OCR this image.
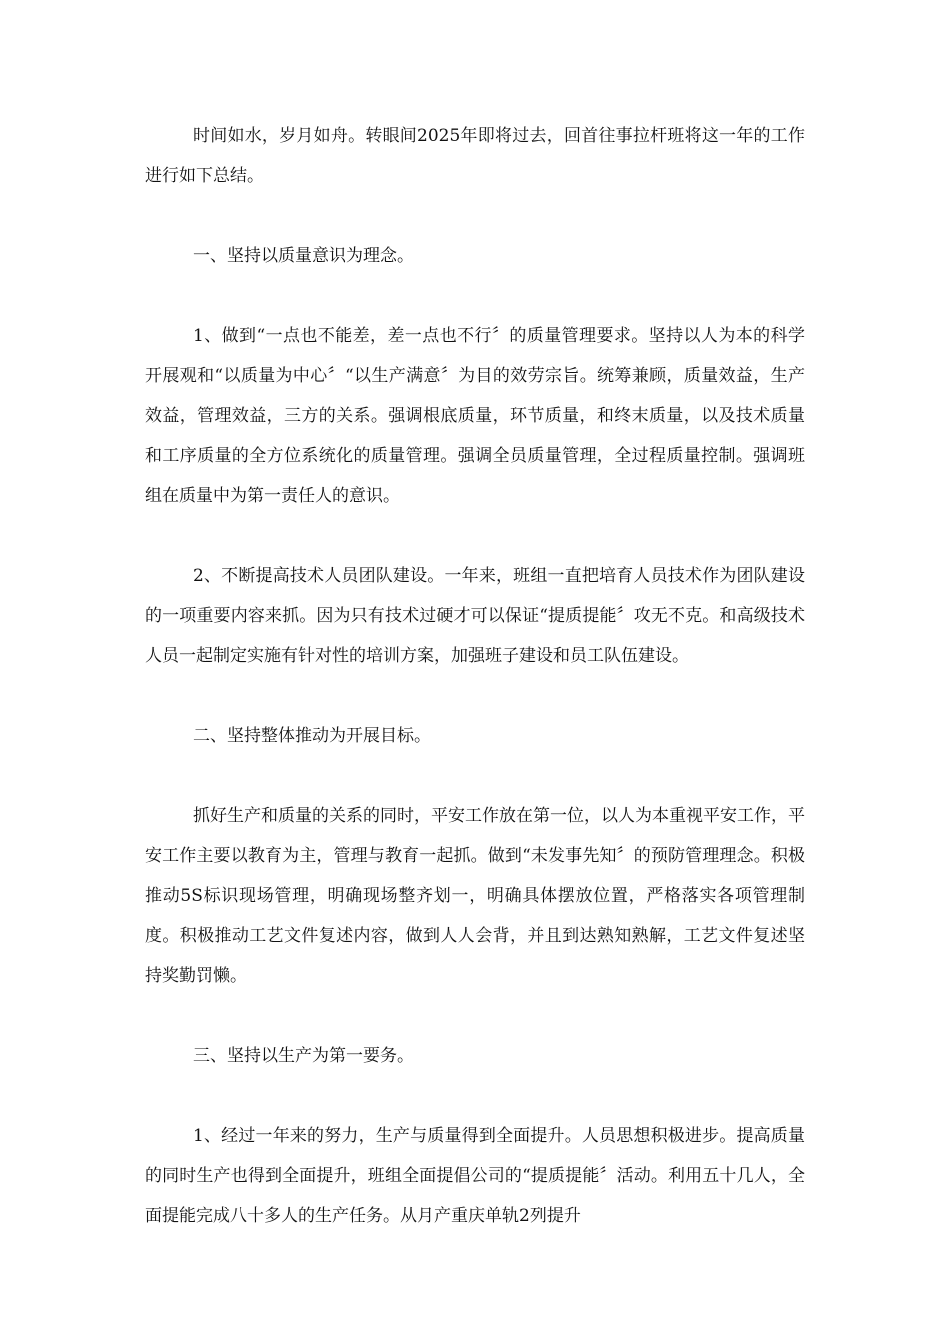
时间如水，岁月如舟。转眼间2025年即将过去，回首往事拉杆班将这一年的工作进行如下总结。

一、坚持以质量意识为理念。

1、做到“一点也不能差，差一点也不行〞的质量管理要求。坚持以人为本的科学开展观和“以质量为中心〞“以生产满意〞为目的效劳宗旨。统筹兼顾，质量效益，生产效益，管理效益，三方的关系。强调根底质量，环节质量，和终末质量，以及技术质量和工序质量的全方位系统化的质量管理。强调全员质量管理，全过程质量控制。强调班组在质量中为第一责任人的意识。

2、不断提高技术人员团队建设。一年来，班组一直把培育人员技术作为团队建设的一项重要内容来抓。因为只有技术过硬才可以保证“提质提能〞攻无不克。和高级技术人员一起制定实施有针对性的培训方案，加强班子建设和员工队伍建设。

二、坚持整体推动为开展目标。

抓好生产和质量的关系的同时，平安工作放在第一位，以人为本重视平安工作，平安工作主要以教育为主，管理与教育一起抓。做到“未发事先知〞的预防管理理念。积极推动5S标识现场管理，明确现场整齐划一，明确具体摆放位置，严格落实各项管理制度。积极推动工艺文件复述内容，做到人人会背，并且到达熟知熟解，工艺文件复述坚持奖勤罚懒。

三、坚持以生产为第一要务。

1、经过一年来的努力，生产与质量得到全面提升。人员思想积极进步。提高质量的同时生产也得到全面提升，班组全面提倡公司的“提质提能〞活动。利用五十几人，全面提能完成八十多人的生产任务。从月产重庆单轨2列提升
